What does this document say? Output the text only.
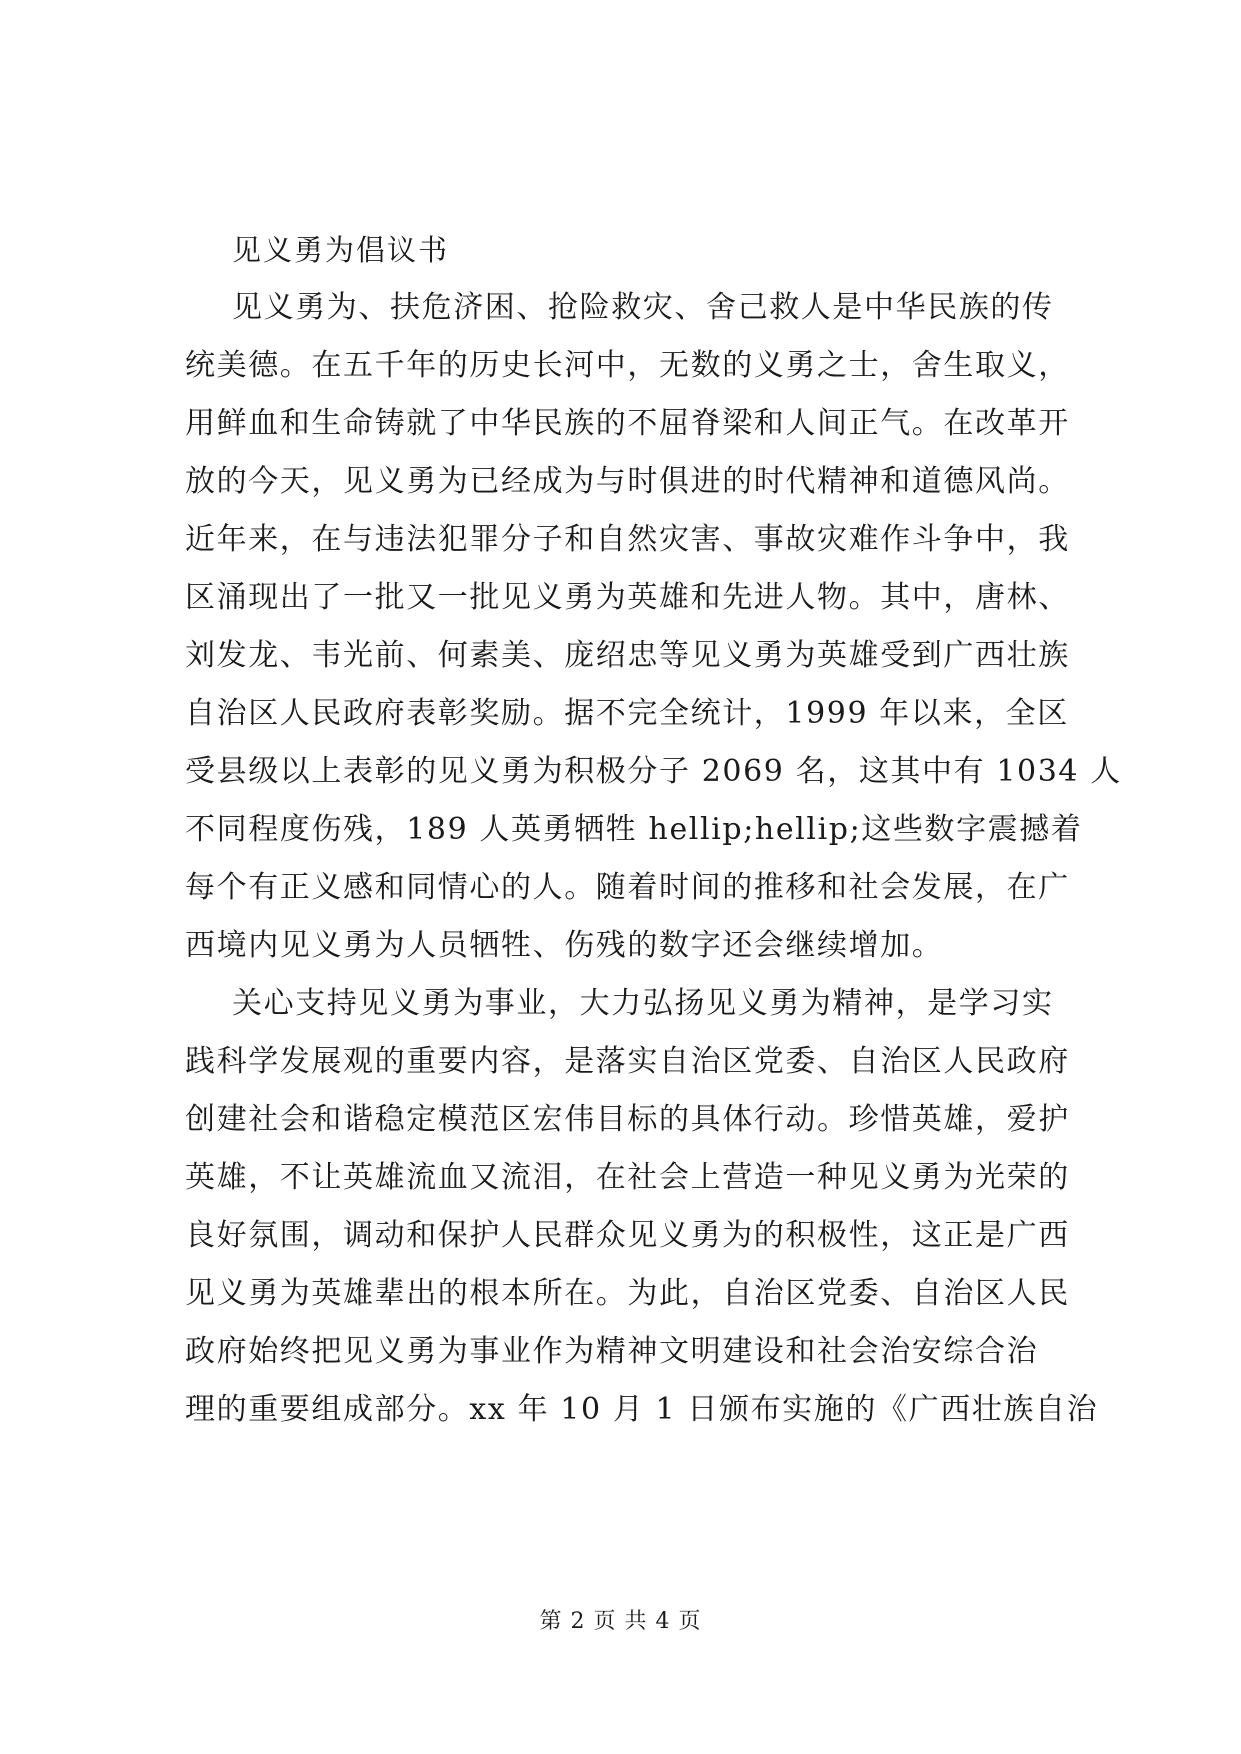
见义勇为倡议书
见义勇为、扶危济困、抢险救灾、舍己救人是中华民族的传
统美德。在五千年的历史长河中，无数的义勇之士，舍生取义，
用鲜血和生命铸就了中华民族的不屈脊梁和人间正气。在改革开
放的今天，见义勇为已经成为与时俱进的时代精神和道德风尚。
近年来，在与违法犯罪分子和自然灾害、事故灾难作斗争中，我
区涌现出了一批又一批见义勇为英雄和先进人物。其中，唐林、
刘发龙、韦光前、何素美、庞绍忠等见义勇为英雄受到广西壮族
自治区人民政府表彰奖励。据不完全统计，1999 年以来，全区
受县级以上表彰的见义勇为积极分子 2069 名，这其中有 1034 人
不同程度伤残，189 人英勇牺牲 hellip;hellip;这些数字震撼着
每个有正义感和同情心的人。随着时间的推移和社会发展，在广
西境内见义勇为人员牺牲、伤残的数字还会继续增加。
关心支持见义勇为事业，大力弘扬见义勇为精神，是学习实
践科学发展观的重要内容，是落实自治区党委、自治区人民政府
创建社会和谐稳定模范区宏伟目标的具体行动。珍惜英雄，爱护
英雄，不让英雄流血又流泪，在社会上营造一种见义勇为光荣的
良好氛围，调动和保护人民群众见义勇为的积极性，这正是广西
见义勇为英雄辈出的根本所在。为此，自治区党委、自治区人民
政府始终把见义勇为事业作为精神文明建设和社会治安综合治
理的重要组成部分。xx 年 10 月 1 日颁布实施的《广西壮族自治
第 2 页 共 4 页
